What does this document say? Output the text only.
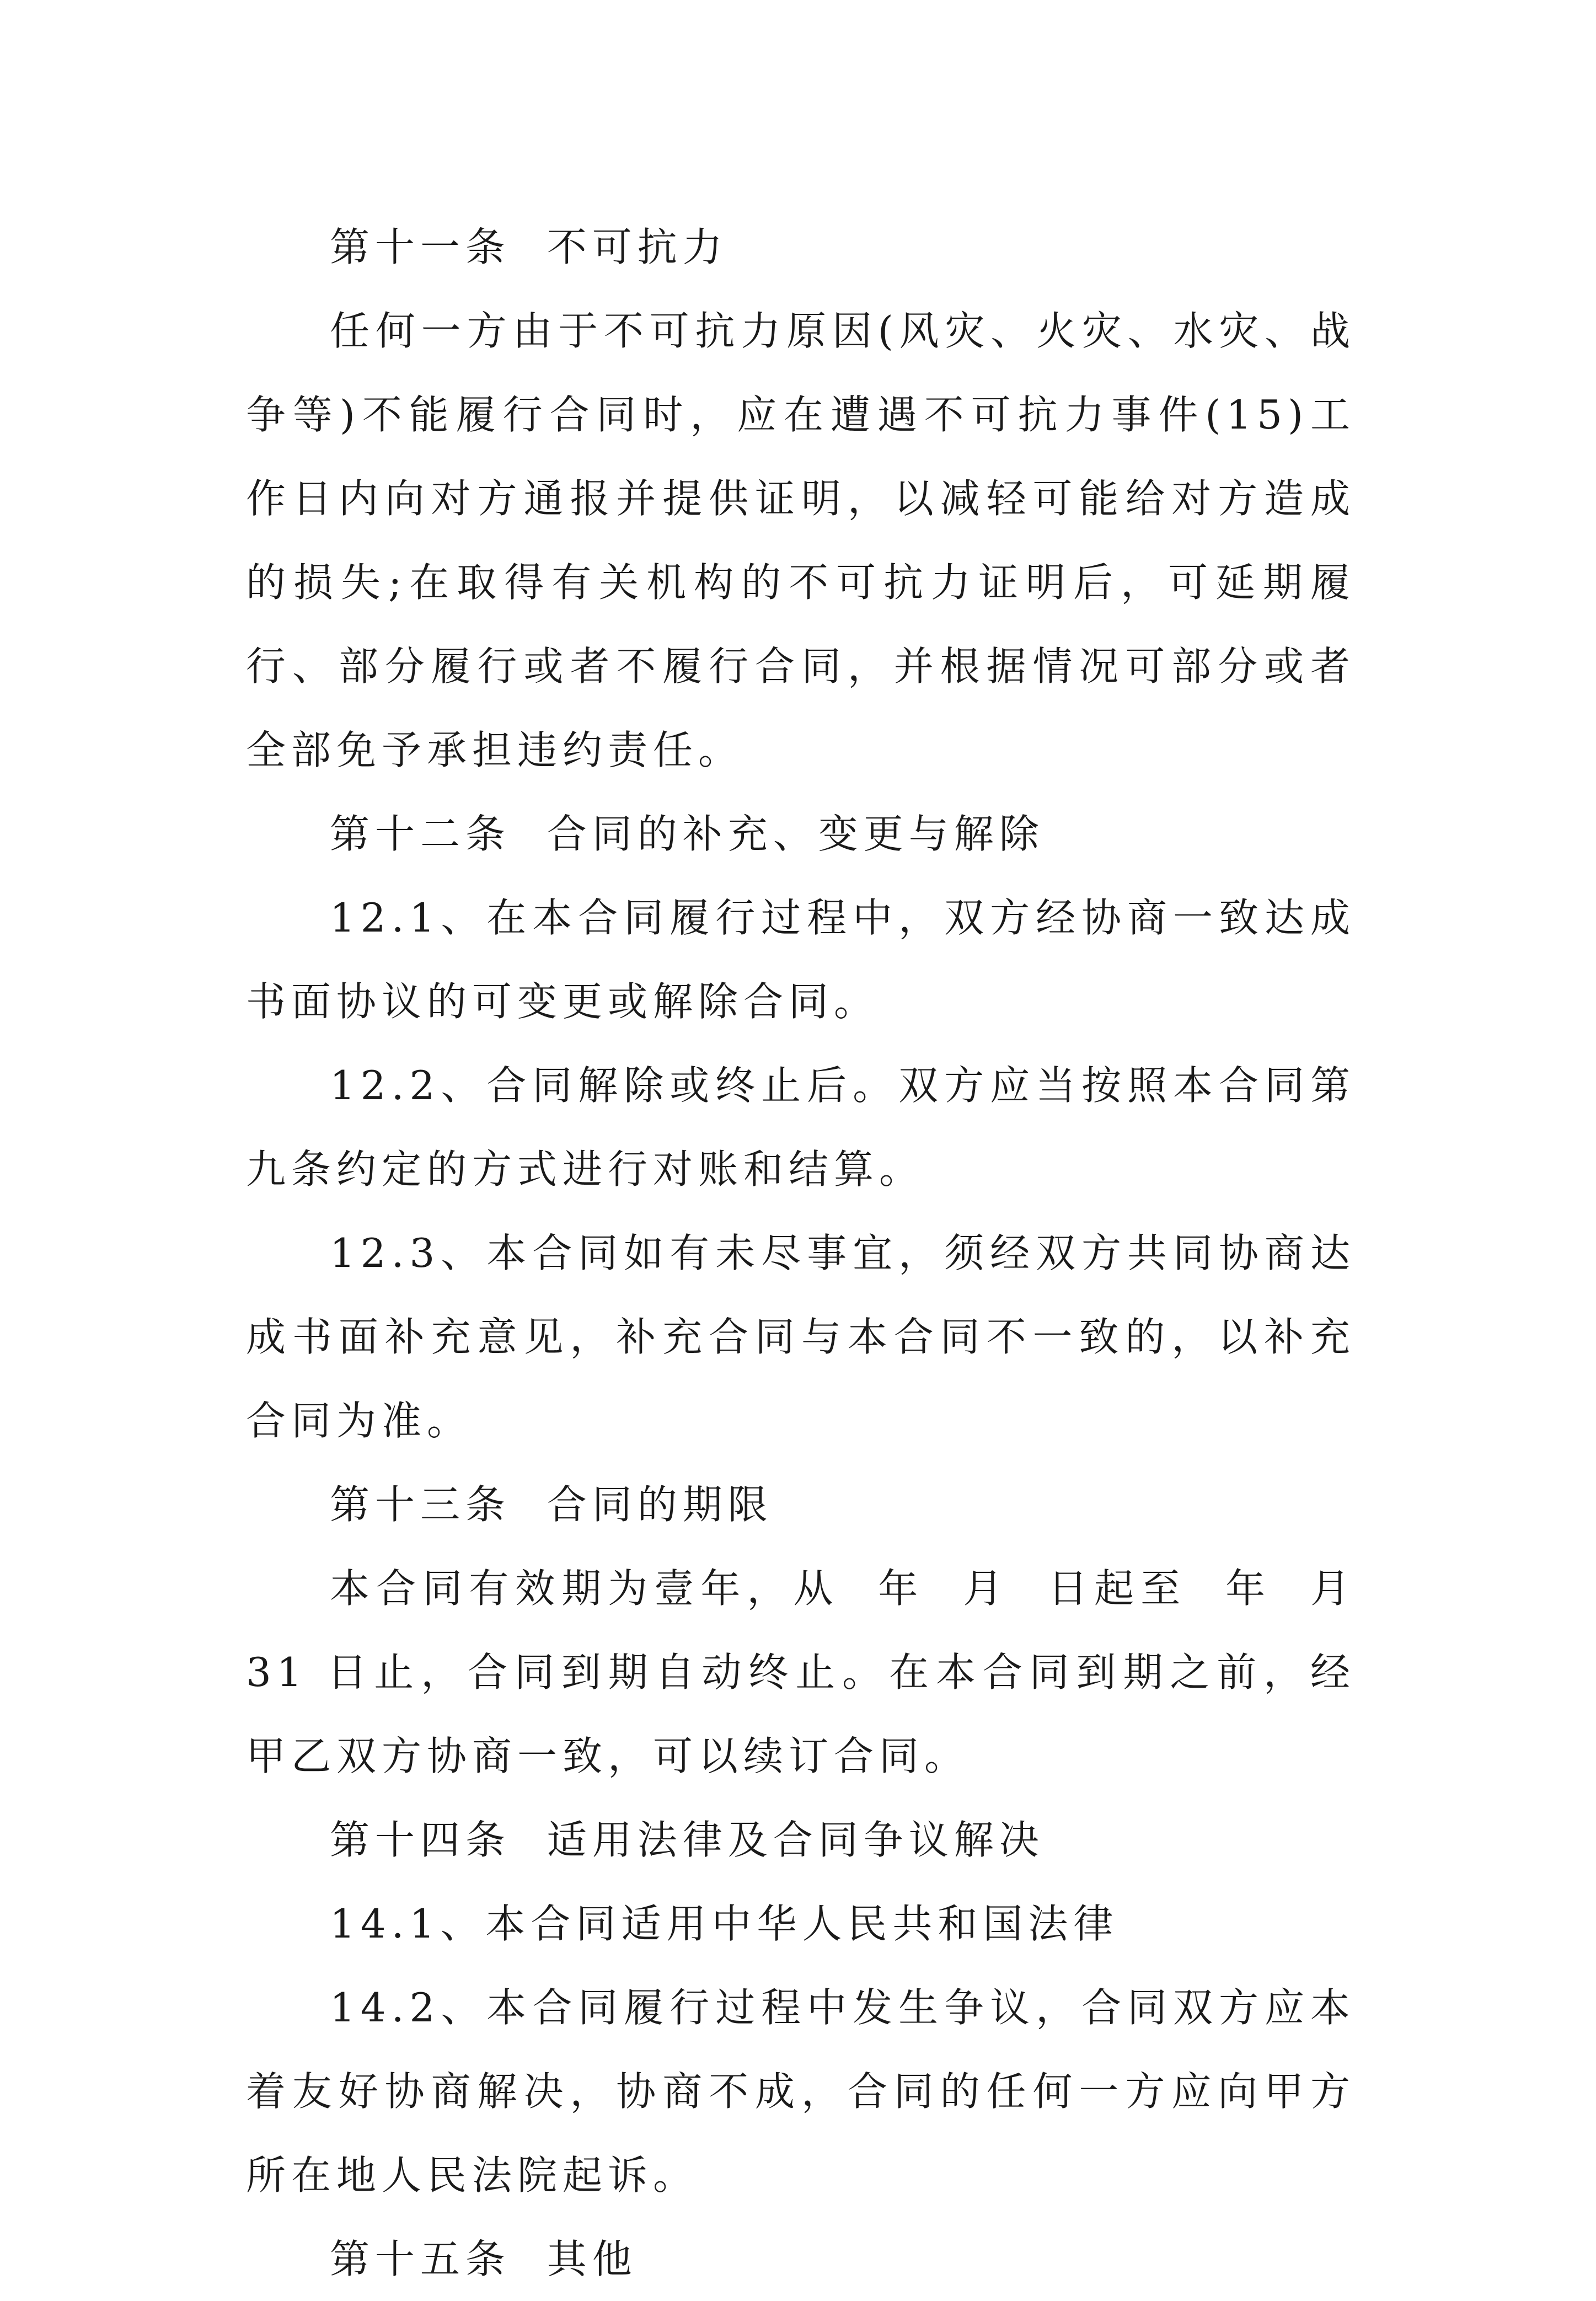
第十一条  不可抗力

任何一方由于不可抗力原因(风灾、火灾、水灾、战争等)不能履行合同时，应在遭遇不可抗力事件(15)工作日内向对方通报并提供证明，以减轻可能给对方造成的损失;在取得有关机构的不可抗力证明后，可延期履行、部分履行或者不履行合同，并根据情况可部分或者全部免予承担违约责任。

第十二条  合同的补充、变更与解除

12.1、在本合同履行过程中，双方经协商一致达成书面协议的可变更或解除合同。

12.2、合同解除或终止后。双方应当按照本合同第九条约定的方式进行对账和结算。

12.3、本合同如有未尽事宜，须经双方共同协商达成书面补充意见，补充合同与本合同不一致的，以补充合同为准。

第十三条  合同的期限

本合同有效期为壹年，从  年  月  日起至  年  月 31 日止，合同到期自动终止。在本合同到期之前，经甲乙双方协商一致，可以续订合同。

第十四条  适用法律及合同争议解决

14.1、本合同适用中华人民共和国法律

14.2、本合同履行过程中发生争议，合同双方应本着友好协商解决，协商不成，合同的任何一方应向甲方所在地人民法院起诉。

第十五条  其他
